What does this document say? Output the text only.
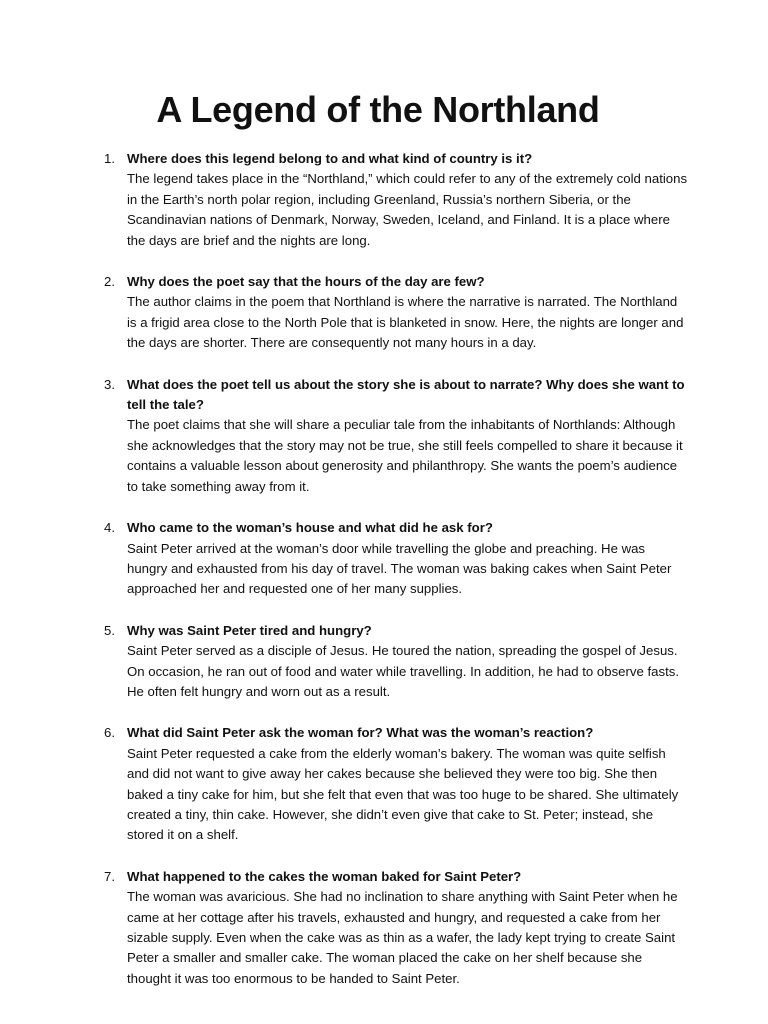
A Legend of the Northland
1. Where does this legend belong to and what kind of country is it?
The legend takes place in the “Northland,” which could refer to any of the extremely cold nations in the Earth’s north polar region, including Greenland, Russia’s northern Siberia, or the Scandinavian nations of Denmark, Norway, Sweden, Iceland, and Finland. It is a place where the days are brief and the nights are long.
2. Why does the poet say that the hours of the day are few?
The author claims in the poem that Northland is where the narrative is narrated. The Northland is a frigid area close to the North Pole that is blanketed in snow. Here, the nights are longer and the days are shorter. There are consequently not many hours in a day.
3. What does the poet tell us about the story she is about to narrate? Why does she want to tell the tale?
The poet claims that she will share a peculiar tale from the inhabitants of Northlands: Although she acknowledges that the story may not be true, she still feels compelled to share it because it contains a valuable lesson about generosity and philanthropy. She wants the poem’s audience to take something away from it.
4. Who came to the woman’s house and what did he ask for?
Saint Peter arrived at the woman’s door while travelling the globe and preaching. He was hungry and exhausted from his day of travel. The woman was baking cakes when Saint Peter approached her and requested one of her many supplies.
5. Why was Saint Peter tired and hungry?
Saint Peter served as a disciple of Jesus. He toured the nation, spreading the gospel of Jesus. On occasion, he ran out of food and water while travelling. In addition, he had to observe fasts. He often felt hungry and worn out as a result.
6. What did Saint Peter ask the woman for? What was the woman’s reaction?
Saint Peter requested a cake from the elderly woman’s bakery. The woman was quite selfish and did not want to give away her cakes because she believed they were too big. She then baked a tiny cake for him, but she felt that even that was too huge to be shared. She ultimately created a tiny, thin cake. However, she didn’t even give that cake to St. Peter; instead, she stored it on a shelf.
7. What happened to the cakes the woman baked for Saint Peter?
The woman was avaricious. She had no inclination to share anything with Saint Peter when he came at her cottage after his travels, exhausted and hungry, and requested a cake from her sizable supply. Even when the cake was as thin as a wafer, the lady kept trying to create Saint Peter a smaller and smaller cake. The woman placed the cake on her shelf because she thought it was too enormous to be handed to Saint Peter.
